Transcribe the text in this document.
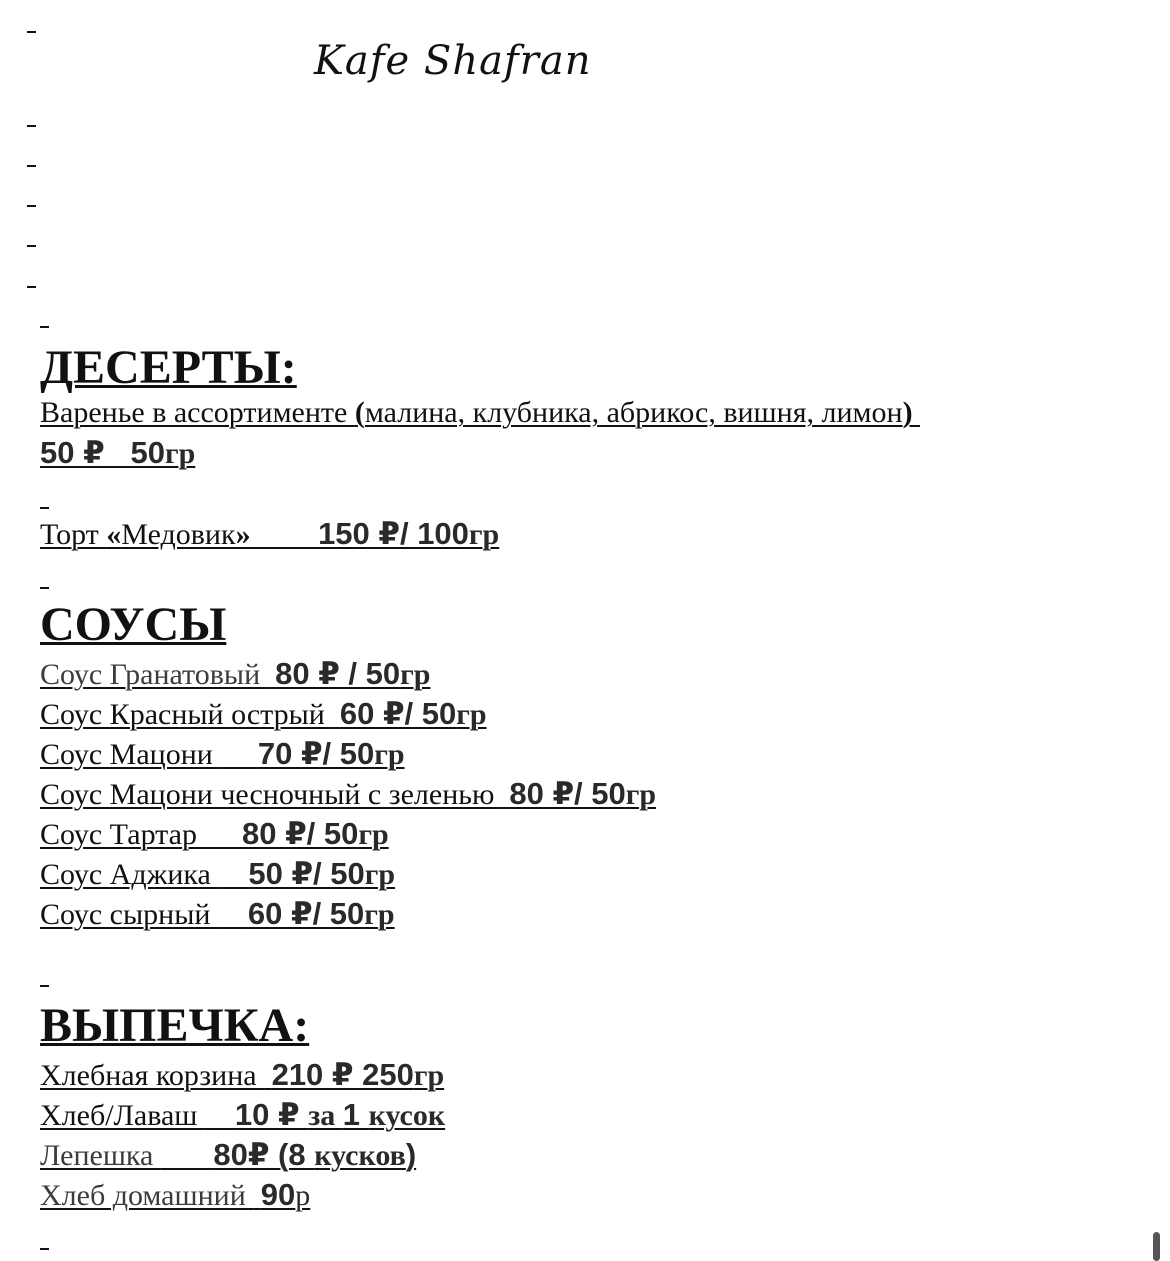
Kafe Shafran
ДЕСЕРТЫ:
Варенье в ассортименте (малина, клубника, абрикос, вишня, лимон)
50 ₽   50гр
Торт «Медовик» 150 ₽/ 100гр
СОУСЫ
Соус Гранатовый  80 ₽ / 50гр
Соус Красный острый  60 ₽/ 50гр
Соус Мацони      70 ₽/ 50гр
Соус Мацони чесночный с зеленью  80 ₽/ 50гр
Соус Тартар      80 ₽/ 50гр
Соус Аджика     50 ₽/ 50гр
Соус сырный     60 ₽/ 50гр
ВЫПЕЧКА:
Хлебная корзина  210 ₽ 250гр
Хлеб/Лаваш     10 ₽ за 1 кусок
Лепешка        80₽ (8 кусков)
Хлеб домашний  90р
